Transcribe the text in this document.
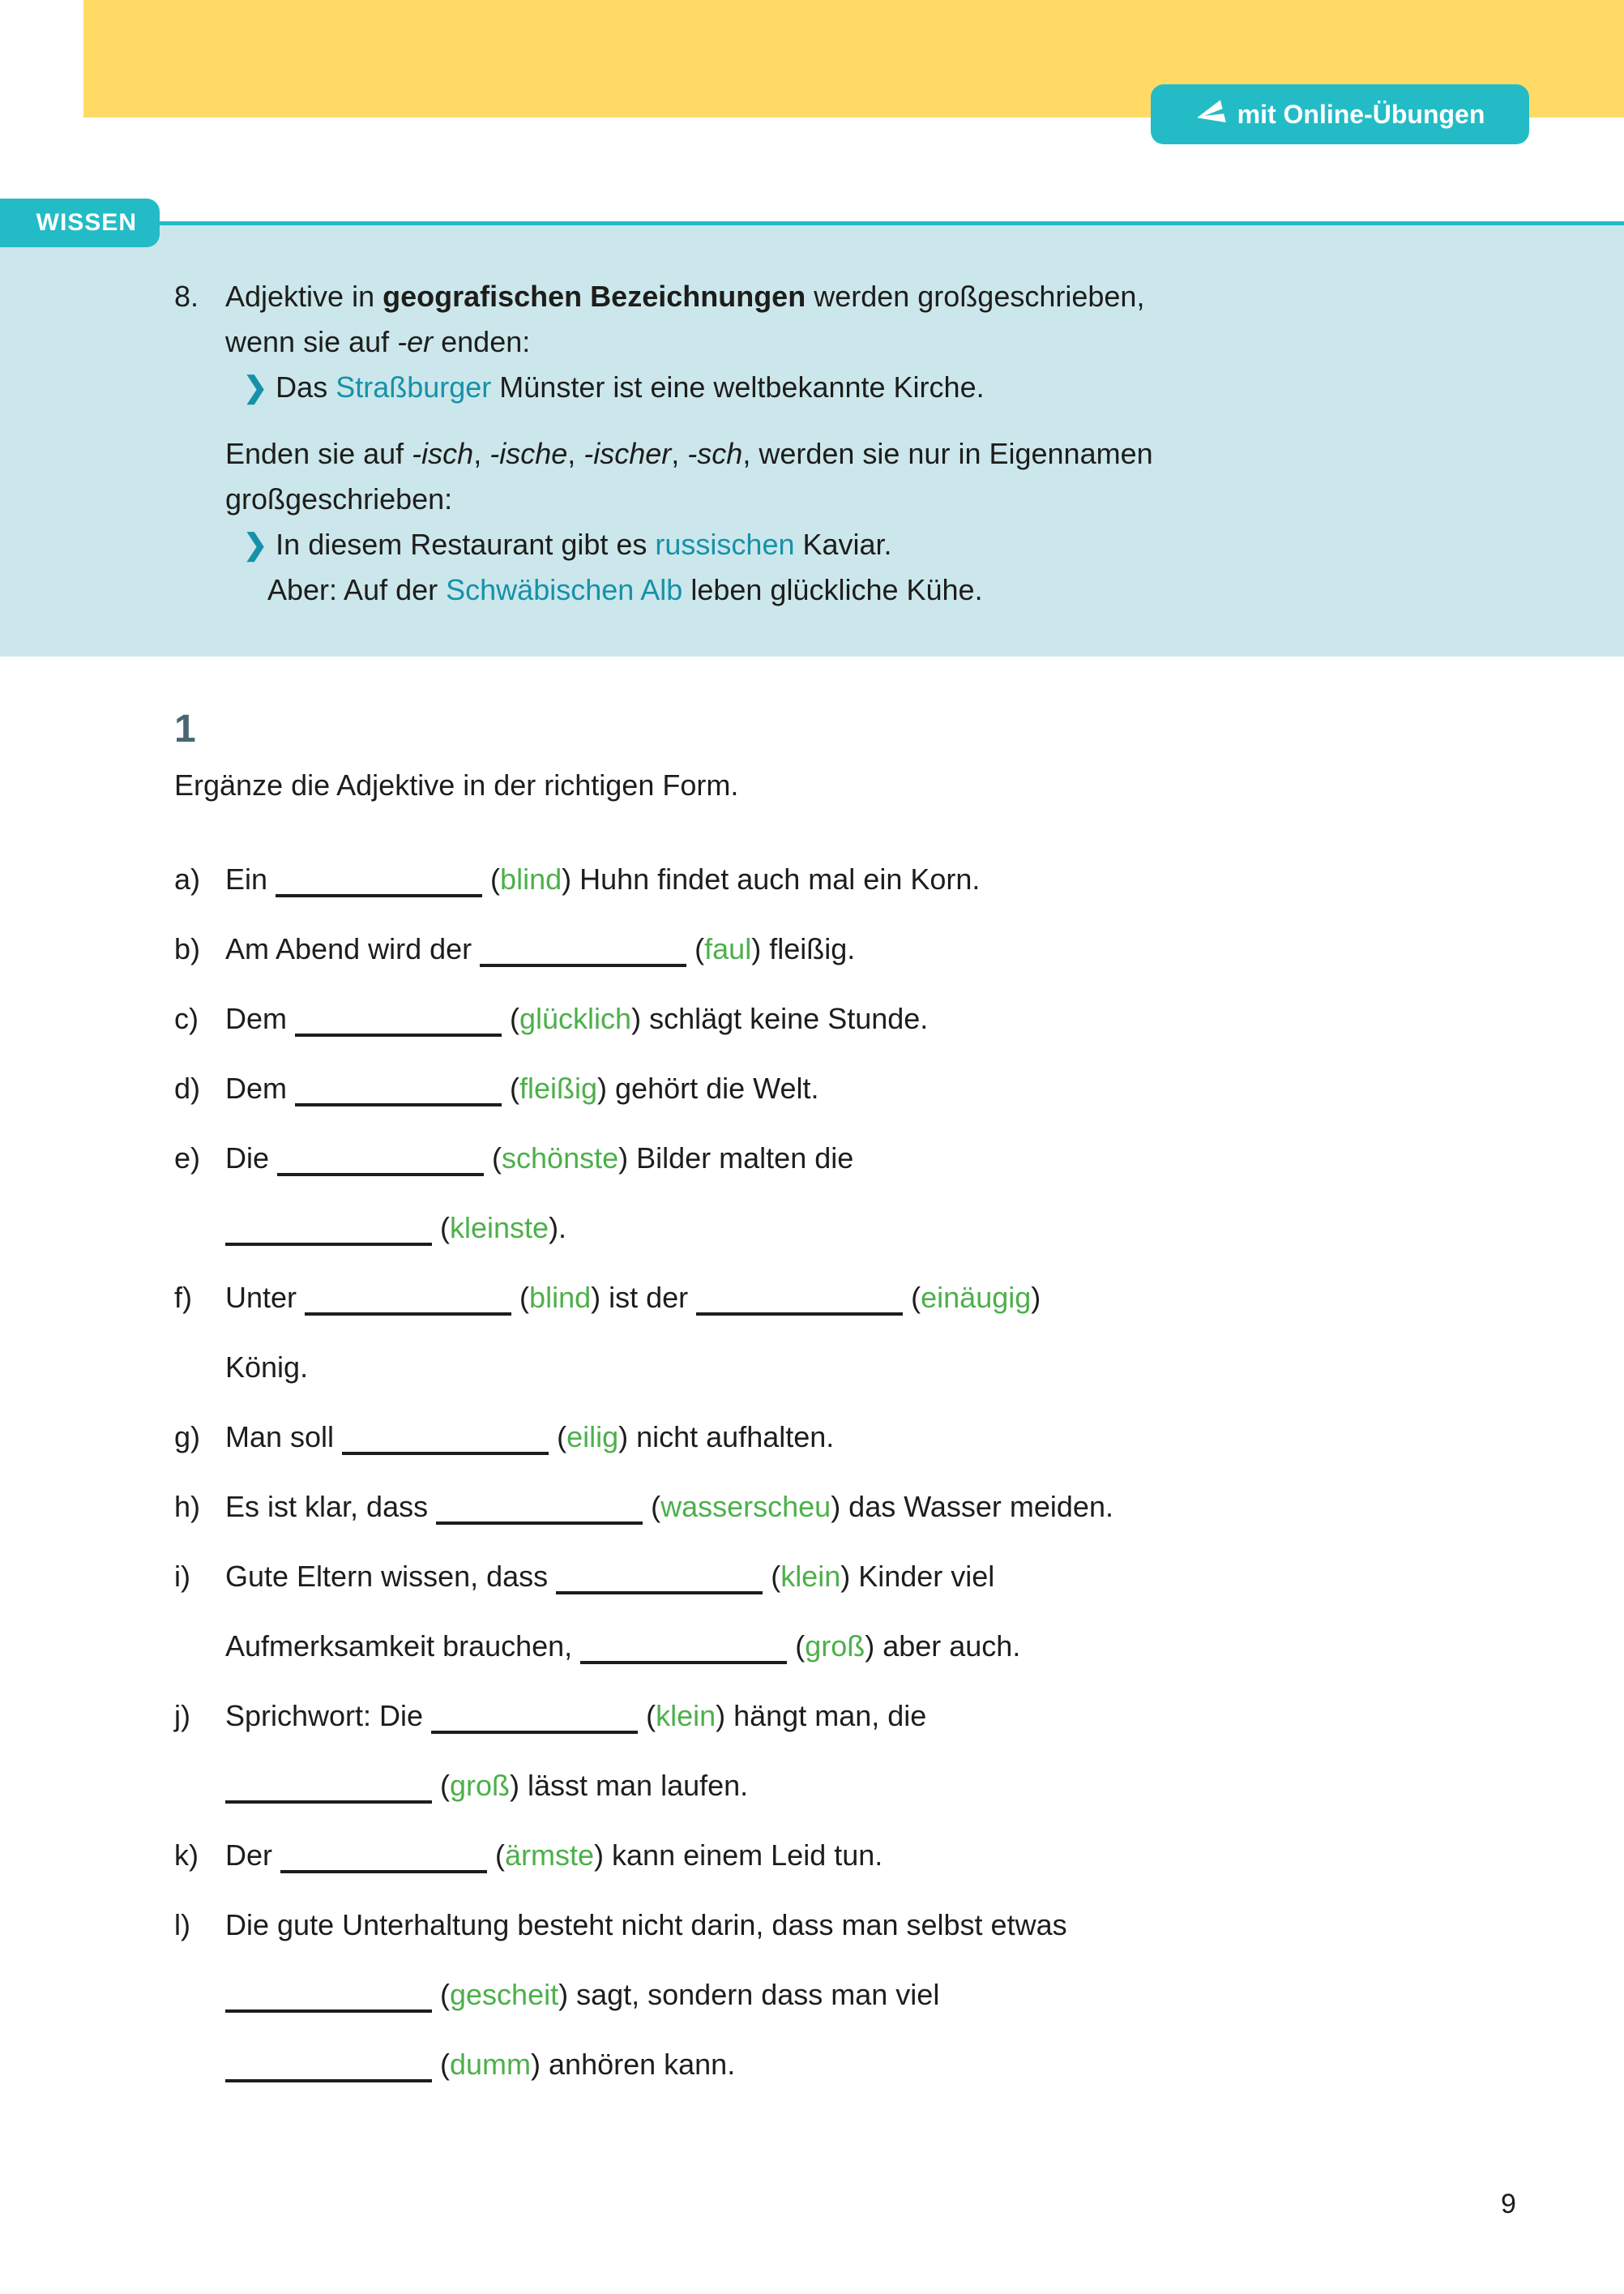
mit Online-Übungen
WISSEN
8. Adjektive in geografischen Bezeichnungen werden großgeschrieben,
wenn sie auf -er enden:
❯ Das Straßburger Münster ist eine weltbekannte Kirche.
Enden sie auf -isch, -ische, -ischer, -sch, werden sie nur in Eigennamen
großgeschrieben:
❯ In diesem Restaurant gibt es russischen Kaviar.
Aber: Auf der Schwäbischen Alb leben glückliche Kühe.
1
Ergänze die Adjektive in der richtigen Form.
a) Ein	(blind) Huhn findet auch mal ein Korn.
b) Am Abend wird der	(faul) fleißig.
c) Dem	(glücklich) schlägt keine Stunde.
d) Dem	(fleißig) gehört die Welt.
e) Die	(schönste) Bilder malten die
(kleinste).
f) Unter	(blind) ist der	(einäugig)
König.
g) Man soll	(eilig) nicht aufhalten.
h) Es ist klar, dass	(wasserscheu) das Wasser meiden.
i) Gute Eltern wissen, dass	(klein) Kinder viel
Aufmerksamkeit brauchen,	(groß) aber auch.
j) Sprichwort: Die	(klein) hängt man, die
(groß) lässt man laufen.
k) Der	(ärmste) kann einem Leid tun.
l) Die gute Unterhaltung besteht nicht darin, dass man selbst etwas
(gescheit) sagt, sondern dass man viel
(dumm) anhören kann.
9
